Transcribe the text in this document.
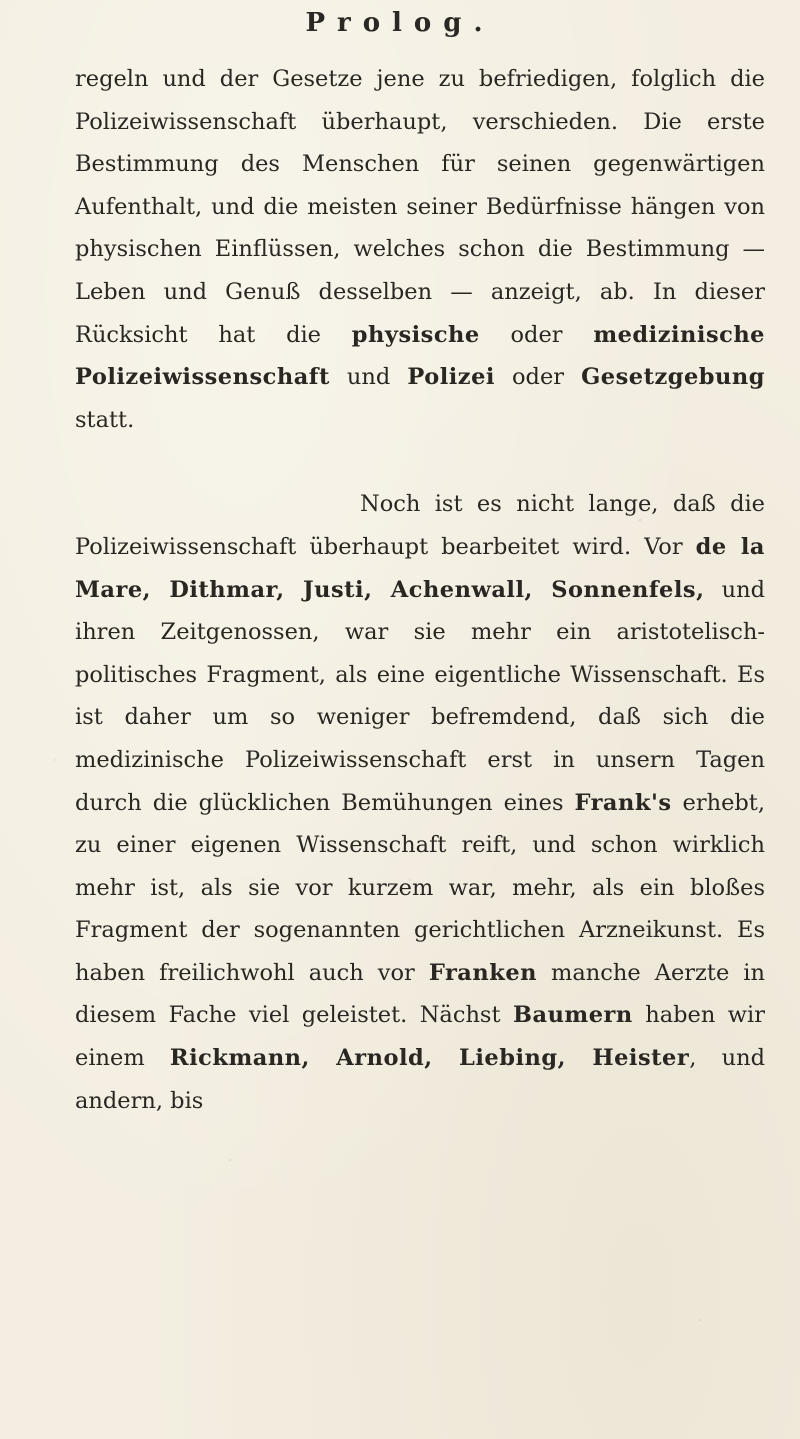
Prolog.

regeln und der Gesetze jene zu befriedigen, folglich die Polizeiwissenschaft überhaupt, verschieden. Die erste Bestimmung des Menschen für seinen gegenwärtigen Aufenthalt, und die meisten seiner Bedürfnisse hängen von physischen Einflüssen, welches schon die Bestimmung — Leben und Genuß desselben — anzeigt, ab. In dieser Rücksicht hat die physische oder medizinische Polizeiwissenschaft und Polizei oder Gesetzgebung statt.

Noch ist es nicht lange, daß die Polizeiwissenschaft überhaupt bearbeitet wird. Vor de la Mare, Dithmar, Justi, Achenwall, Sonnenfels, und ihren Zeitgenossen, war sie mehr ein aristotelisch-politisches Fragment, als eine eigentliche Wissenschaft. Es ist daher um so weniger befremdend, daß sich die medizinische Polizeiwissenschaft erst in unsern Tagen durch die glücklichen Bemühungen eines Frank's erhebt, zu einer eigenen Wissenschaft reift, und schon wirklich mehr ist, als sie vor kurzem war, mehr, als ein bloßes Fragment der sogenannten gerichtlichen Arzneikunst. Es haben freilichwohl auch vor Franken manche Aerzte in diesem Fache viel geleistet. Nächst Baumern haben wir einem Rickmann, Arnold, Liebing, Heister, und andern, bis
